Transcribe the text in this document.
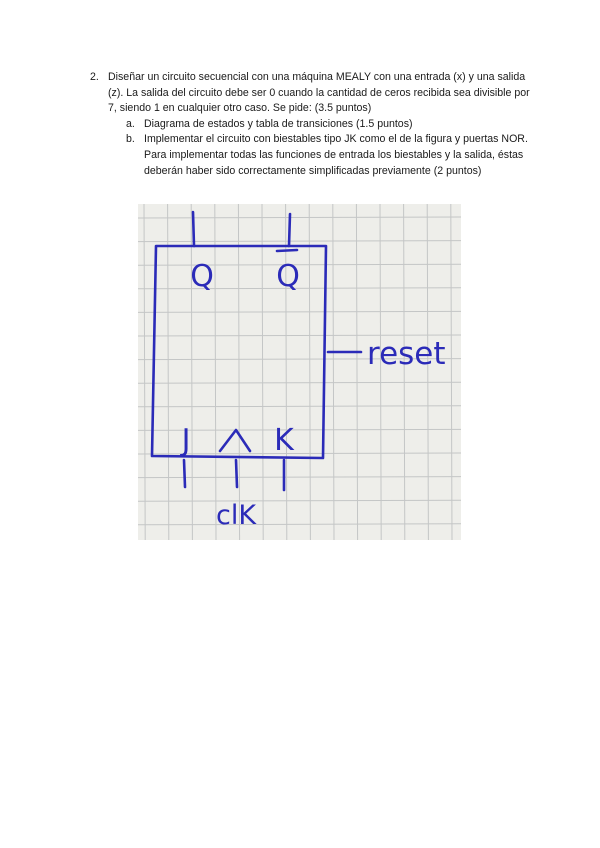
2. Diseñar un circuito secuencial con una máquina MEALY con una entrada (x) y una salida (z). La salida del circuito debe ser 0 cuando la cantidad de ceros recibida sea divisible por 7, siendo 1 en cualquier otro caso. Se pide: (3.5 puntos)
a. Diagrama de estados y tabla de transiciones (1.5 puntos)
b. Implementar el circuito con biestables tipo JK como el de la figura y puertas NOR. Para implementar todas las funciones de entrada los biestables y la salida, éstas deberán haber sido correctamente simplificadas previamente (2 puntos)
Q Q
J	K
reset
clK
